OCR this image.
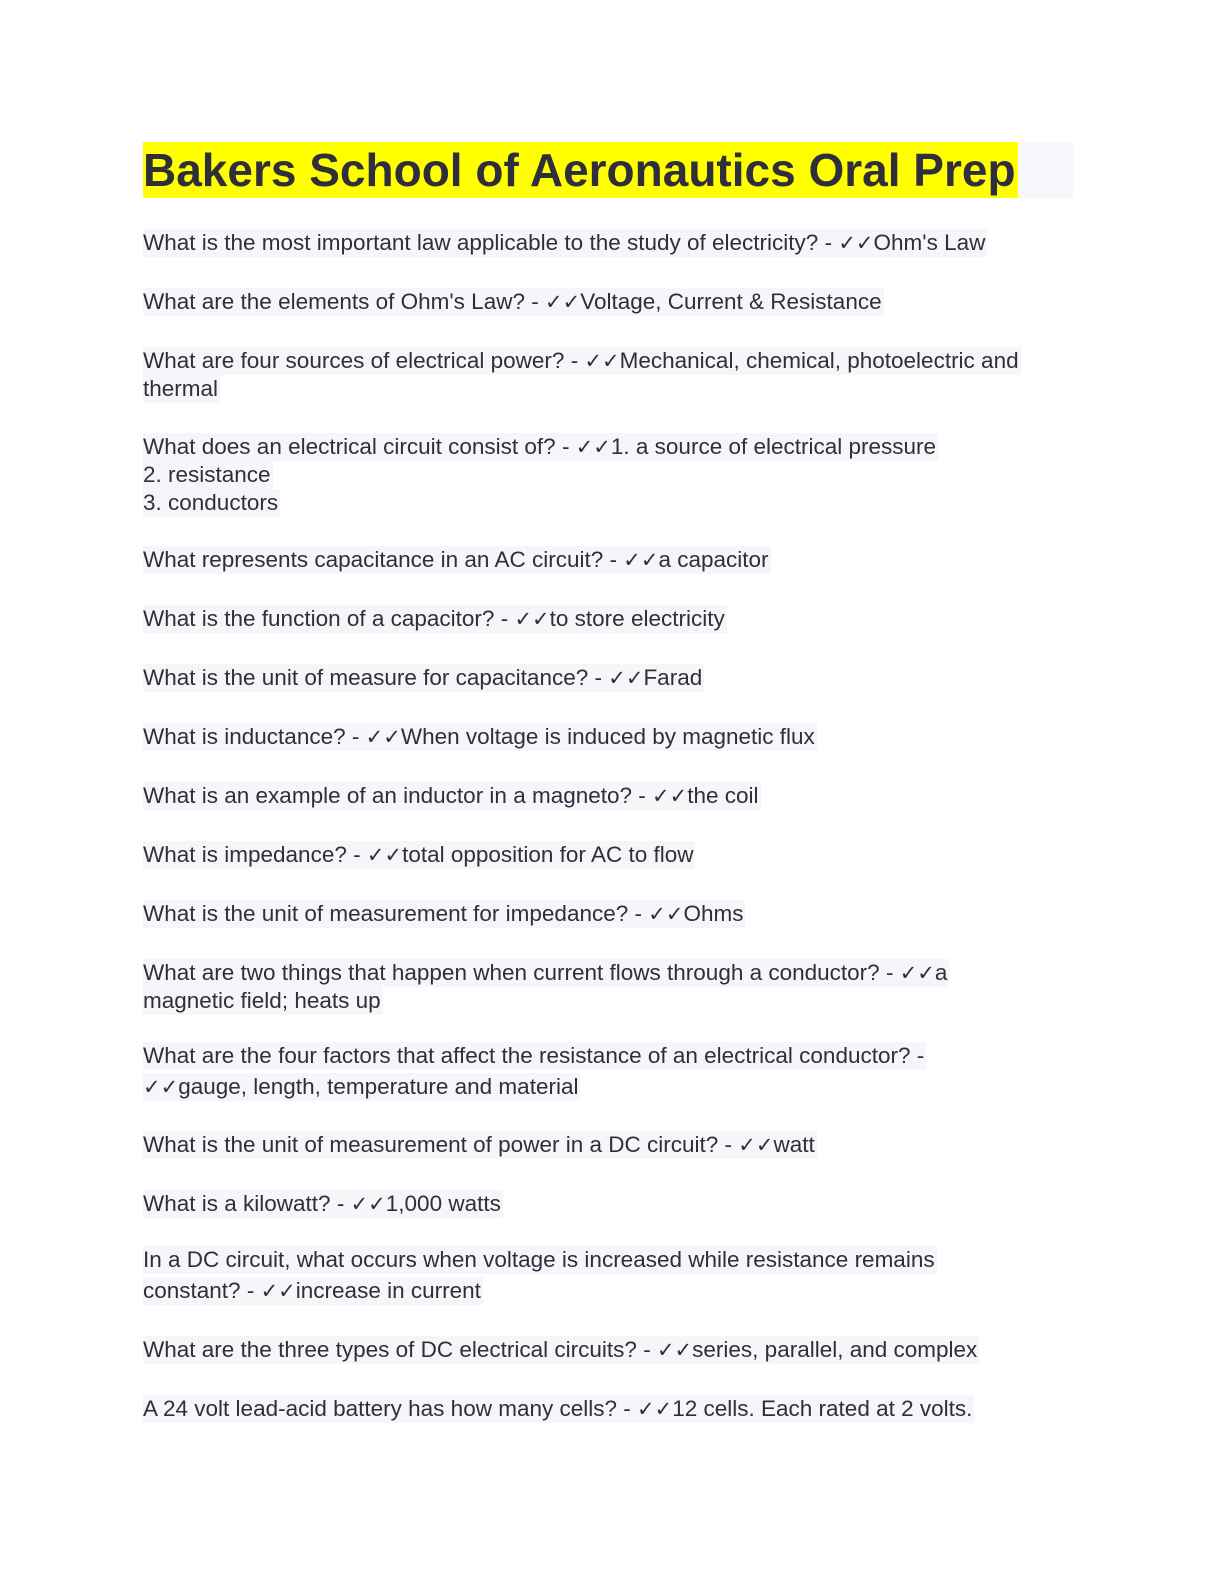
Bakers School of Aeronautics Oral Prep
What is the most important law applicable to the study of electricity? - ✓✓Ohm's Law
What are the elements of Ohm's Law? - ✓✓Voltage, Current & Resistance
What are four sources of electrical power? - ✓✓Mechanical, chemical, photoelectric and
thermal
What does an electrical circuit consist of? - ✓✓1. a source of electrical pressure
2. resistance
3. conductors
What represents capacitance in an AC circuit? - ✓✓a capacitor
What is the function of a capacitor? - ✓✓to store electricity
What is the unit of measure for capacitance? - ✓✓Farad
What is inductance? - ✓✓When voltage is induced by magnetic flux
What is an example of an inductor in a magneto? - ✓✓the coil
What is impedance? - ✓✓total opposition for AC to flow
What is the unit of measurement for impedance? - ✓✓Ohms
What are two things that happen when current flows through a conductor? - ✓✓a
magnetic field; heats up
What are the four factors that affect the resistance of an electrical conductor? -
✓✓gauge, length, temperature and material
What is the unit of measurement of power in a DC circuit? - ✓✓watt
What is a kilowatt? - ✓✓1,000 watts
In a DC circuit, what occurs when voltage is increased while resistance remains
constant? - ✓✓increase in current
What are the three types of DC electrical circuits? - ✓✓series, parallel, and complex
A 24 volt lead-acid battery has how many cells? - ✓✓12 cells. Each rated at 2 volts.
